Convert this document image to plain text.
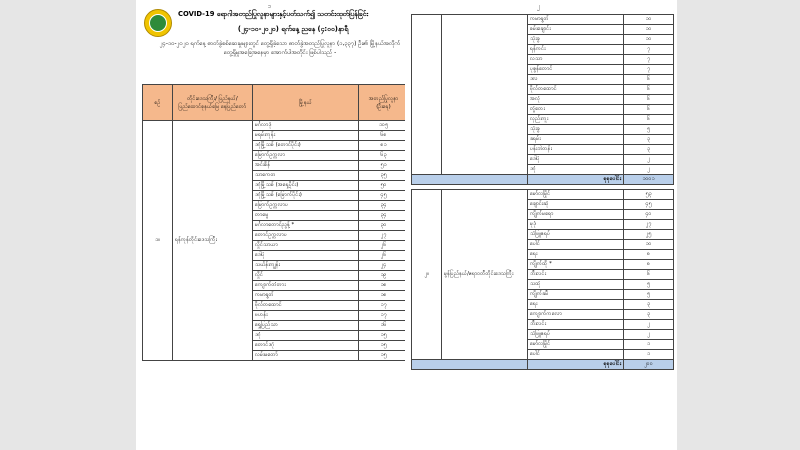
၁
COVID-19 ရောဂါအတည်ပြုလူနာများနှင့်ပတ်သက်၍ သတင်းထုတ်ပြန်ခြင်း
(၂၄-၁၀-၂၀၂၀) ရက်နေ့ ညနေ (၄:၀၀)နာရီ
၂၄-၁၀-၂၀၂၀ ရက်နေ့ ဓာတ်ခွဲစစ်ဆေးမှုများတွင် တွေ့ရှိခဲ့သော ဓာတ်ခွဲအတည်ပြုလူနာ (၁,၃၃၇) ဦး၏ မြို့နယ်အလိုက် တွေ့ရှိမှုအခြေအနေမှာ အောက်ပါအတိုင်း ဖြစ်ပါသည် -
စဉ်	တိုင်းဒေသကြီး/ ပြည်နယ်/ ပြည်ထောင်စုနယ်မြေ နေပြည်တော်	မြို့နယ်	အတည်ပြုလူနာ (ဦးရေ)
၁။	ရန်ကုန်တိုင်းဒေသကြီး	မင်္ဂလာဒုံ	၁၀၅
		မရမ်းကုန်း	၆၈
		ဒဂုံမြို့သစ် (တောင်ပိုင်း)	၈၁
		မြောက်ဥက္ကလာ	၆၃
		အင်းစိန်	၅၁
		သာကေတ	၃၅
		ဒဂုံမြို့သစ် (အရှေ့ပိုင်း)	၅၀
		ဒဂုံမြို့သစ် (မြောက်ပိုင်း)	၄၅
		မြောက်ဥက္ကလာပ	၃၄
		တာမွေ	၃၄
		မင်္ဂလာတောင်ညွန့် *	၃၀
		တောင်ဥက္ကလာပ	၂၇
		လှိုင်သာယာ	၂၆
		ဒေါပုံ	၂၆
		သင်္ဃန်းကျွန်း	၂၄
		လှိုင်	၁၉
		ကျောက်တံတား	၁၈
		ကမာရွတ်	၁၈
		ဗိုလ်တထောင်	၁၇
		ဗဟန်း	၁၇
		ရွှေပြည်သာ	၁၆
		ဒဂုံ	၁၅
		တောင်ဒဂုံ	၁၅
		လမ်းမတော်	၁၅
၂
		ကမာရွတ်	၁၀
		စမ်းချောင်း	၁၀
		သုံးခွ	၁၀
		ရန်ကင်း	၇
		လသာ	၇
		ပုဇွန်တောင်	၇
		ဒလ	၆
		ဗိုလ်တထောင်	၆
		အလုံ	၆
		တွံတေး	၆
		လှည်းကူး	၆
		သုံးခွ	၅
		ခရမ်း	၃
		ပန်းဘဲတန်း	၃
		ဒေါပုံ	၂
		ဒဂုံ	၂
		စုစုပေါင်း	၁၀၀၁

၂။	မွန်ပြည်နယ်/ဧရာဝတီတိုင်းဒေသကြီး	မော်လမြိုင်	၅၃
		ချောင်းဆုံ	၄၅
		ကျိုက်မရော	၄၀
		မုဒုံ	၂၇
		သံဖြူဇရပ်	၂၅
		ပေါင်	၁၀
		ရေး	၈
		ကျိုက်ထို *	၈
		ဘီးလင်း	၆
		သထုံ	၅
		ကျိုက်ခမီ	၅
		ရေး	၃
		ကျောက်ကလော	၃
		ဘီးလင်း	၂
		သံဖြူဇရပ်	၂
		မော်လမြိုင်	၁
		ပေါင်	၁
		စုစုပေါင်း	၂၀၀
